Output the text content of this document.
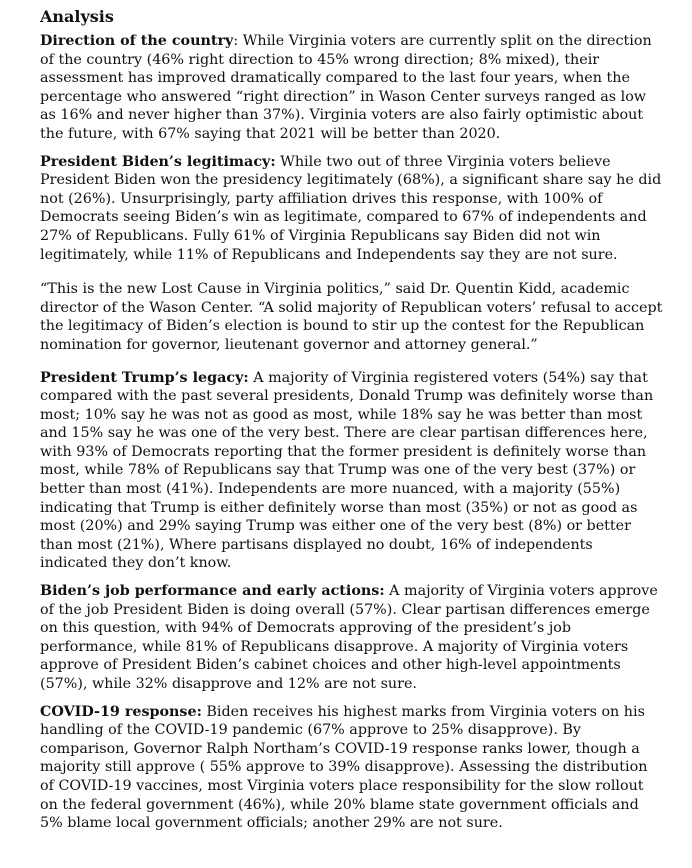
Analysis

Direction of the country: While Virginia voters are currently split on the direction of the country (46% right direction to 45% wrong direction; 8% mixed), their assessment has improved dramatically compared to the last four years, when the percentage who answered “right direction” in Wason Center surveys ranged as low as 16% and never higher than 37%). Virginia voters are also fairly optimistic about the future, with 67% saying that 2021 will be better than 2020.

President Biden’s legitimacy: While two out of three Virginia voters believe President Biden won the presidency legitimately (68%), a significant share say he did not (26%). Unsurprisingly, party affiliation drives this response, with 100% of Democrats seeing Biden’s win as legitimate, compared to 67% of independents and 27% of Republicans. Fully 61% of Virginia Republicans say Biden did not win legitimately, while 11% of Republicans and Independents say they are not sure.

“This is the new Lost Cause in Virginia politics,” said Dr. Quentin Kidd, academic director of the Wason Center. “A solid majority of Republican voters’ refusal to accept the legitimacy of Biden’s election is bound to stir up the contest for the Republican nomination for governor, lieutenant governor and attorney general.”

President Trump’s legacy: A majority of Virginia registered voters (54%) say that compared with the past several presidents, Donald Trump was definitely worse than most; 10% say he was not as good as most, while 18% say he was better than most and 15% say he was one of the very best. There are clear partisan differences here, with 93% of Democrats reporting that the former president is definitely worse than most, while 78% of Republicans say that Trump was one of the very best (37%) or better than most (41%). Independents are more nuanced, with a majority (55%) indicating that Trump is either definitely worse than most (35%) or not as good as most (20%) and 29% saying Trump was either one of the very best (8%) or better than most (21%), Where partisans displayed no doubt, 16% of independents indicated they don’t know.

Biden’s job performance and early actions: A majority of Virginia voters approve of the job President Biden is doing overall (57%). Clear partisan differences emerge on this question, with 94% of Democrats approving of the president’s job performance, while 81% of Republicans disapprove. A majority of Virginia voters approve of President Biden’s cabinet choices and other high-level appointments (57%), while 32% disapprove and 12% are not sure.

COVID-19 response: Biden receives his highest marks from Virginia voters on his handling of the COVID-19 pandemic (67% approve to 25% disapprove). By comparison, Governor Ralph Northam’s COVID-19 response ranks lower, though a majority still approve ( 55% approve to 39% disapprove). Assessing the distribution of COVID-19 vaccines, most Virginia voters place responsibility for the slow rollout on the federal government (46%), while 20% blame state government officials and 5% blame local government officials; another 29% are not sure.
